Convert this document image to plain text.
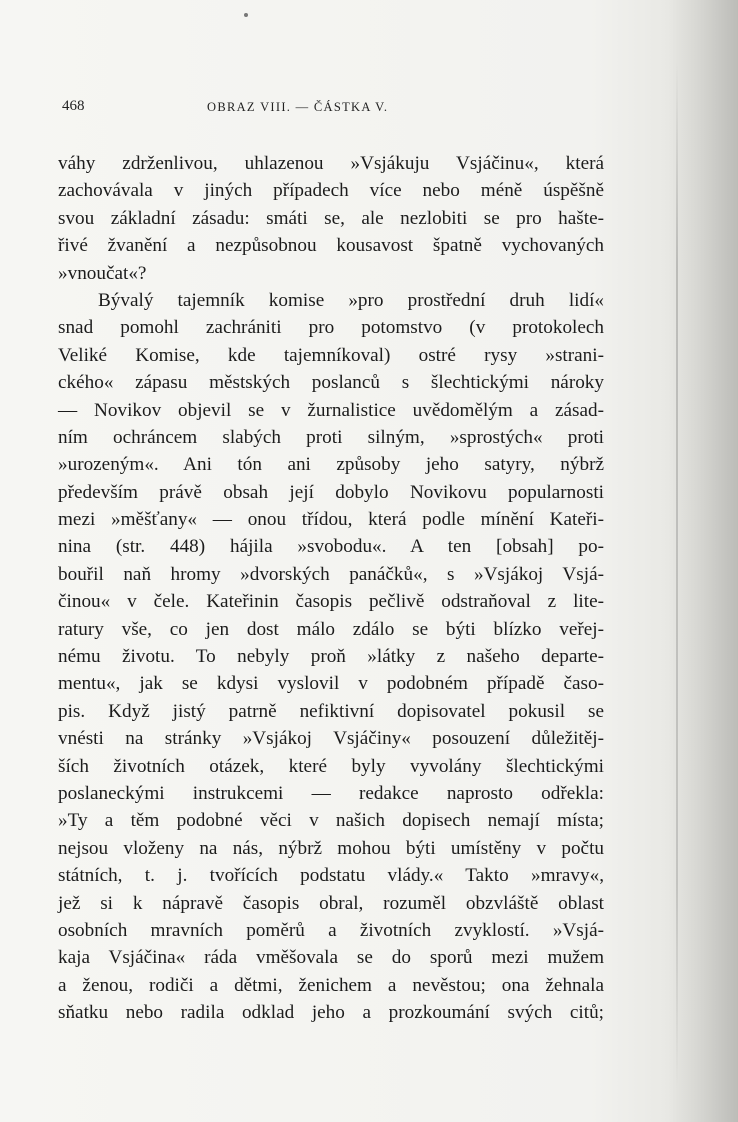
468	OBRAZ VIII. — ČÁSTKA V.
váhy zdrženlivou, uhlazenou »Vsjákuju Vsjáčinu«, která
zachovávala v jiných případech více nebo méně úspěšně
svou základní zásadu: smáti se, ale nezlobiti se pro hašte-
řivé žvanění a nezpůsobnou kousavost špatně vychovaných
»vnoučat«?
Bývalý tajemník komise »pro prostřední druh lidí«
snad pomohl zachrániti pro potomstvo (v protokolech
Veliké Komise, kde tajemníkoval) ostré rysy »strani-
ckého« zápasu městských poslanců s šlechtickými nároky
— Novikov objevil se v žurnalistice uvědomělým a zásad-
ním ochráncem slabých proti silným, »sprostých« proti
»urozeným«. Ani tón ani způsoby jeho satyry, nýbrž
především právě obsah její dobylo Novikovu popularnosti
mezi »měšťany« — onou třídou, která podle mínění Kateři-
nina (str. 448) hájila »svobodu«. A ten [obsah] po-
bouřil naň hromy »dvorských panáčků«, s »Vsjákoj Vsjá-
činou« v čele. Kateřinin časopis pečlivě odstraňoval z lite-
ratury vše, co jen dost málo zdálo se býti blízko veřej-
nému životu. To nebyly proň »látky z našeho departe-
mentu«, jak se kdysi vyslovil v podobném případě časo-
pis. Když jistý patrně nefiktivní dopisovatel pokusil se
vnésti na stránky »Vsjákoj Vsjáčiny« posouzení důležitěj-
ších životních otázek, které byly vyvolány šlechtickými
poslaneckými instrukcemi — redakce naprosto odřekla:
»Ty a těm podobné věci v našich dopisech nemají místa;
nejsou vloženy na nás, nýbrž mohou býti umístěny v počtu
státních, t. j. tvořících podstatu vlády.« Takto »mravy«,
jež si k nápravě časopis obral, rozuměl obzvláště oblast
osobních mravních poměrů a životních zvyklostí. »Vsjá-
kaja Vsjáčina« ráda vměšovala se do sporů mezi mužem
a ženou, rodiči a dětmi, ženichem a nevěstou; ona žehnala
sňatku nebo radila odklad jeho a prozkoumání svých citů;
